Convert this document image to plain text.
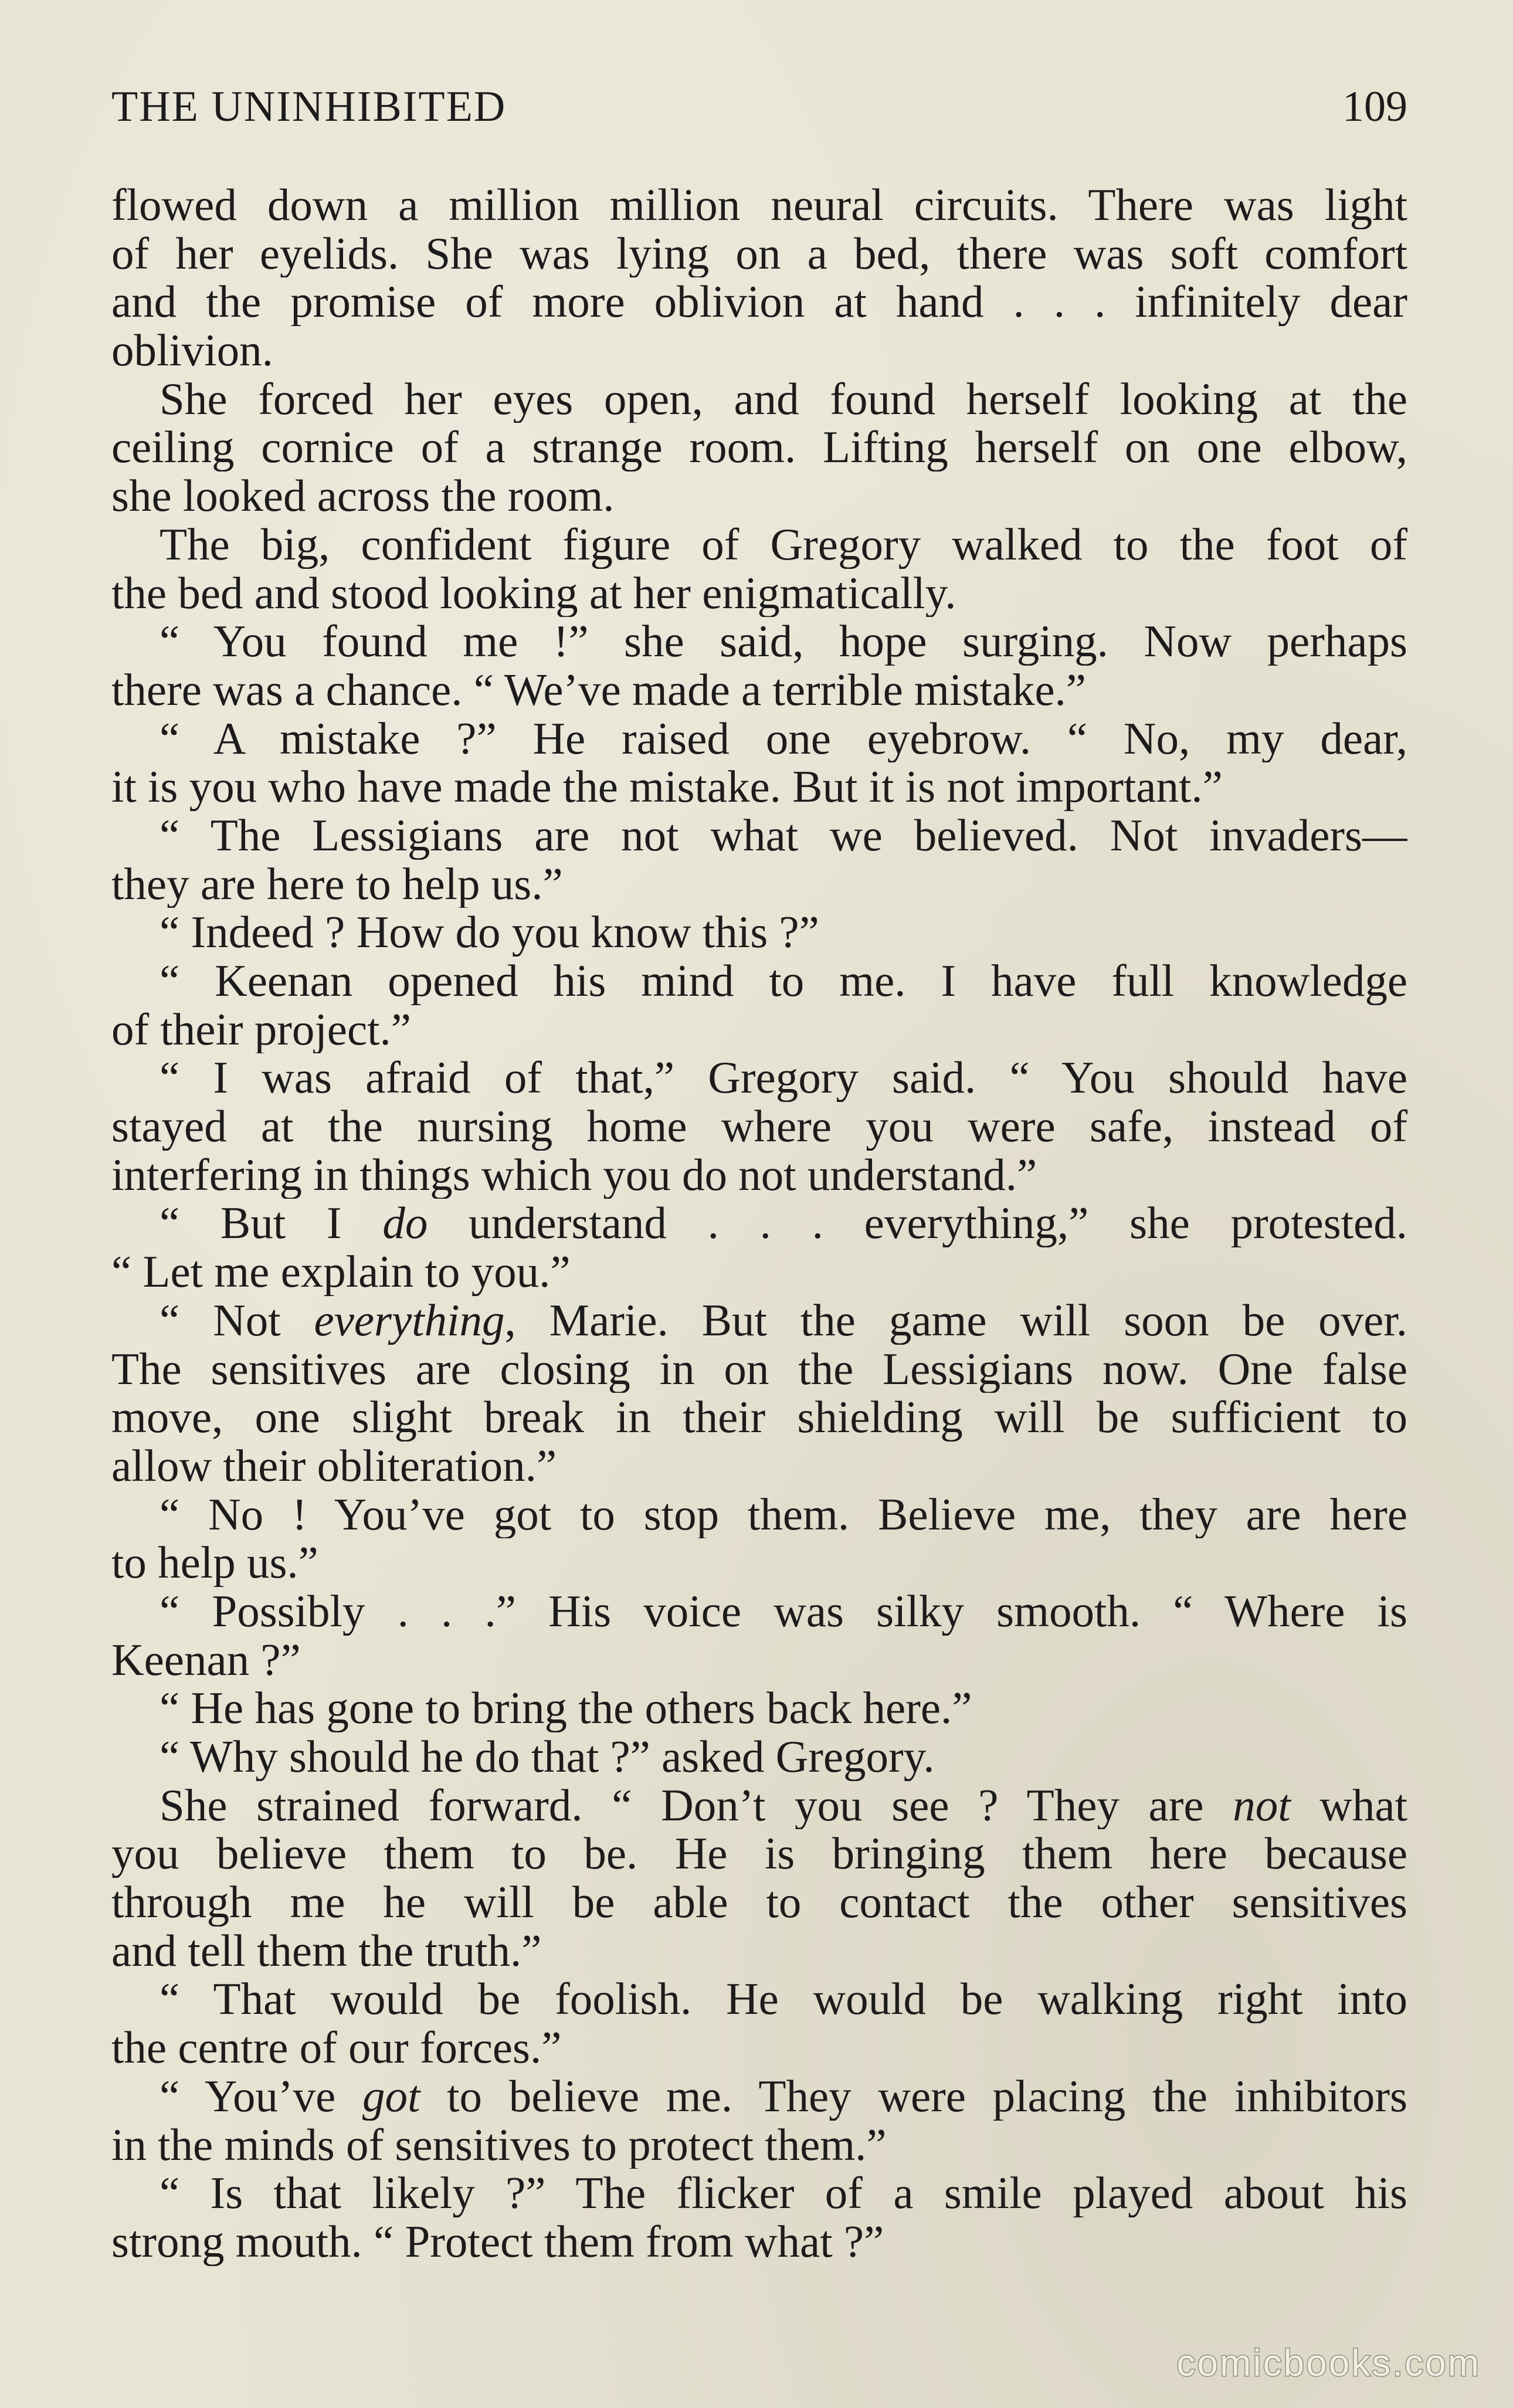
THE UNINHIBITED	109
flowed down a million million neural circuits. There was light
of her eyelids. She was lying on a bed, there was soft comfort
and the promise of more oblivion at hand . . . infinitely dear
oblivion.
She forced her eyes open, and found herself looking at the
ceiling cornice of a strange room. Lifting herself on one elbow,
she looked across the room.
The big, confident figure of Gregory walked to the foot of
the bed and stood looking at her enigmatically.
“ You found me !” she said, hope surging. Now perhaps
there was a chance. “ We’ve made a terrible mistake.”
“ A mistake ?” He raised one eyebrow. “ No, my dear,
it is you who have made the mistake. But it is not important.”
“ The Lessigians are not what we believed. Not invaders—
they are here to help us.”
“ Indeed ? How do you know this ?”
“ Keenan opened his mind to me. I have full knowledge
of their project.”
“ I was afraid of that,” Gregory said. “ You should have
stayed at the nursing home where you were safe, instead of
interfering in things which you do not understand.”
“ But I do understand . . . everything,” she protested.
“ Let me explain to you.”
“ Not everything, Marie. But the game will soon be over.
The sensitives are closing in on the Lessigians now. One false
move, one slight break in their shielding will be sufficient to
allow their obliteration.”
“ No ! You’ve got to stop them. Believe me, they are here
to help us.”
“ Possibly . . .” His voice was silky smooth. “ Where is
Keenan ?”
“ He has gone to bring the others back here.”
“ Why should he do that ?” asked Gregory.
She strained forward. “ Don’t you see ? They are not what
you believe them to be. He is bringing them here because
through me he will be able to contact the other sensitives
and tell them the truth.”
“ That would be foolish. He would be walking right into
the centre of our forces.”
“ You’ve got to believe me. They were placing the inhibitors
in the minds of sensitives to protect them.”
“ Is that likely ?” The flicker of a smile played about his
strong mouth. “ Protect them from what ?”
comicbooks.com
